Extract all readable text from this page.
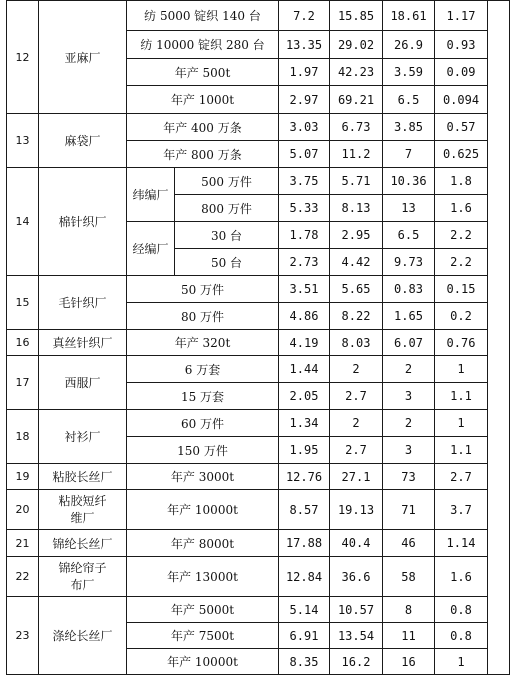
12	亚麻厂	纺 5000 锭织 140 台		7.2	15.85	18.61	1.17	
		纺 10000 锭织 280 台		13.35	29.02	26.9	0.93	
		年产 500t		1.97	42.23	3.59	0.09	
		年产 1000t		2.97	69.21	6.5	0.094	
13	麻袋厂	年产 400 万条		3.03	6.73	3.85	0.57	
		年产 800 万条		5.07	11.2	7	0.625	
14	棉针织厂	纬编厂	500 万件	3.75	5.71	10.36	1.8	
			800 万件	5.33	8.13	13	1.6	
		经编厂	30 台	1.78	2.95	6.5	2.2	
			50 台	2.73	4.42	9.73	2.2	
15	毛针织厂	50 万件		3.51	5.65	0.83	0.15	
		80 万件		4.86	8.22	1.65	0.2	
16	真丝针织厂	年产 320t		4.19	8.03	6.07	0.76	
17	西服厂	6 万套		1.44	2	2	1	
		15 万套		2.05	2.7	3	1.1	
18	衬衫厂	60 万件		1.34	2	2	1	
		150 万件		1.95	2.7	3	1.1	
19	粘胶长丝厂	年产 3000t		12.76	27.1	73	2.7	
20	粘胶短纤维厂	年产 10000t		8.57	19.13	71	3.7	
21	锦纶长丝厂	年产 8000t		17.88	40.4	46	1.14	
22	锦纶帘子布厂	年产 13000t		12.84	36.6	58	1.6	
23	涤纶长丝厂	年产 5000t		5.14	10.57	8	0.8	
		年产 7500t		6.91	13.54	11	0.8	
		年产 10000t		8.35	16.2	16	1	
